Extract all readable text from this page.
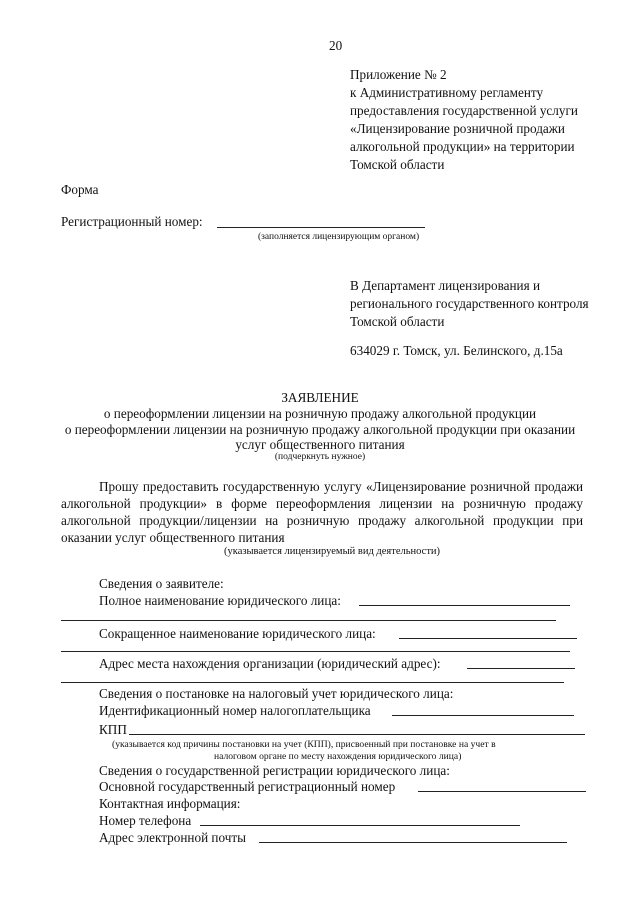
20
Приложение № 2
к Административному регламенту
предоставления государственной услуги
«Лицензирование розничной продажи
алкогольной продукции» на территории
Томской области
Форма
Регистрационный номер:
(заполняется лицензирующим органом)
В Департамент лицензирования и
регионального государственного контроля
Томской области
634029 г. Томск, ул. Белинского, д.15а
ЗАЯВЛЕНИЕ
о переоформлении лицензии на розничную продажу алкогольной продукции
о переоформлении лицензии на розничную продажу алкогольной продукции при оказании
услуг общественного питания
(подчеркнуть нужное)
Прошу предоставить государственную услугу «Лицензирование розничной продажи
алкогольной продукции» в форме переоформления лицензии на розничную продажу
алкогольной продукции/лицензии на розничную продажу алкогольной продукции при
оказании услуг общественного питания
(указывается лицензируемый вид деятельности)
Сведения о заявителе:
Полное наименование юридического лица:
Сокращенное наименование юридического лица:
Адрес места нахождения организации (юридический адрес):
Сведения о постановке на налоговый учет юридического лица:
Идентификационный номер налогоплательщика
КПП
(указывается код причины постановки на учет (КПП), присвоенный при постановке на учет в
налоговом органе по месту нахождения юридического лица)
Сведения о государственной регистрации юридического лица:
Основной государственный регистрационный номер
Контактная информация:
Номер телефона
Адрес электронной почты
